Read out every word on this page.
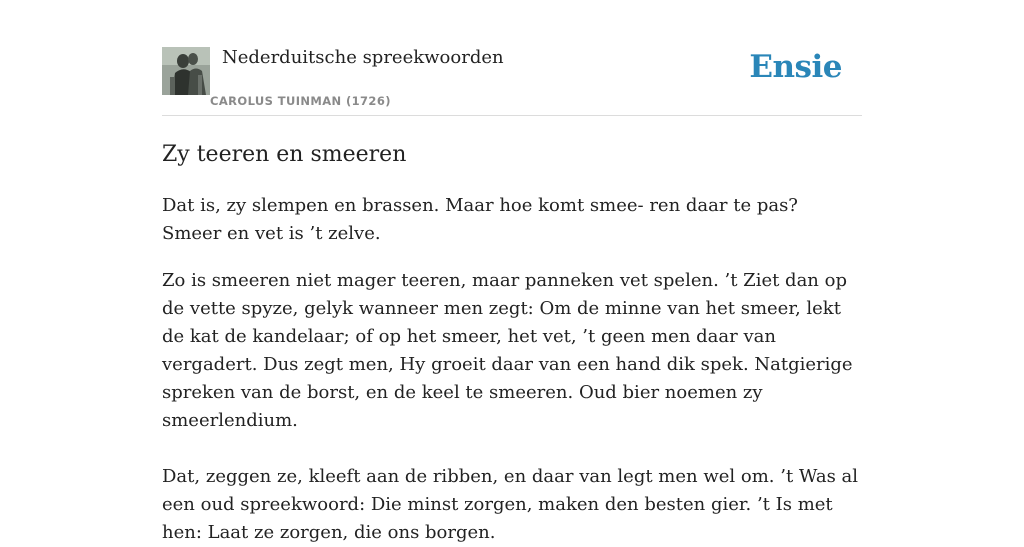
Nederduitsche spreekwoorden
CAROLUS TUINMAN (1726)
Ensie
Zy teeren en smeeren

Dat is, zy slempen en brassen. Maar hoe komt smee- ren daar te pas? Smeer en vet is ’t zelve.

Zo is smeeren niet mager teeren, maar panneken vet spelen. ’t Ziet dan op de vette spyze, gelyk wanneer men zegt: Om de minne van het smeer, lekt de kat de kandelaar; of op het smeer, het vet, ’t geen men daar van vergadert. Dus zegt men, Hy groeit daar van een hand dik spek. Natgierige spreken van de borst, en de keel te smeeren. Oud bier noemen zy smeerlendium.

Dat, zeggen ze, kleeft aan de ribben, en daar van legt men wel om. ’t Was al een oud spreekwoord: Die minst zorgen, maken den besten gier. ’t Is met hen: Laat ze zorgen, die ons borgen.
